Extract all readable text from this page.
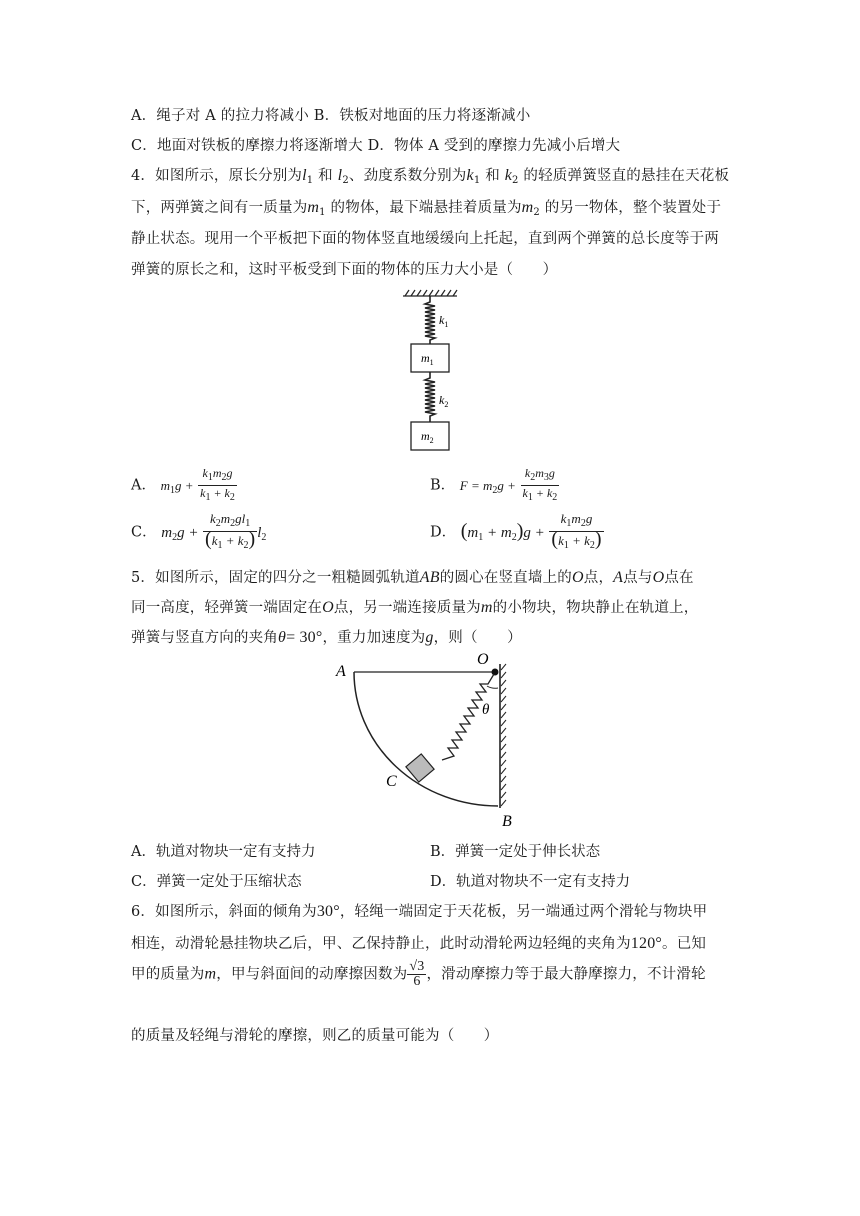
A．绳子对 A 的拉力将减小 B．铁板对地面的压力将逐渐减小
C．地面对铁板的摩擦力将逐渐增大 D．物体 A 受到的摩擦力先减小后增大
4．如图所示，原长分别为$l_1$ 和 $l_2$、劲度系数分别为$k_1$ 和 $k_2$ 的轻质弹簧竖直的悬挂在天花板
下，两弹簧之间有一质量为$m_1$ 的物体，最下端悬挂着质量为$m_2$ 的另一物体，整个装置处于
静止状态。现用一个平板把下面的物体竖直地缓缓向上托起，直到两个弹簧的总长度等于两
弹簧的原长之和，这时平板受到下面的物体的压力大小是（　　）
$k_1$
$m_1$
$k_2$
$m_2$
A． $m_1g + \frac{k_1m_2g}{k_1 + k_2}$	B． $F = m_2g + \frac{k_2m_3g}{k_1 + k_2}$
C． $m_2g + \frac{k_2m_2gl_1}{(k_1 + k_2)} l_2$	D． $(m_1 + m_2)g + \frac{k_1m_2g}{(k_1 + k_2)}$
5．如图所示，固定的四分之一粗糙圆弧轨道AB的圆心在竖直墙上的O点，A点与O点在
同一高度，轻弹簧一端固定在O点，另一端连接质量为m的小物块，物块静止在轨道上，
弹簧与竖直方向的夹角θ= 30°，重力加速度为g，则（　　）
A
O
θ
C
B
A．轨道对物块一定有支持力	B．弹簧一定处于伸长状态
C．弹簧一定处于压缩状态	D．轨道对物块不一定有支持力
6．如图所示，斜面的倾角为30°，轻绳一端固定于天花板，另一端通过两个滑轮与物块甲
相连，动滑轮悬挂物块乙后，甲、乙保持静止，此时动滑轮两边轻绳的夹角为120°。已知
甲的质量为m，甲与斜面间的动摩擦因数为 $\frac{√3}{6}$ ，滑动摩擦力等于最大静摩擦力，不计滑轮
的质量及轻绳与滑轮的摩擦，则乙的质量可能为（　　）
